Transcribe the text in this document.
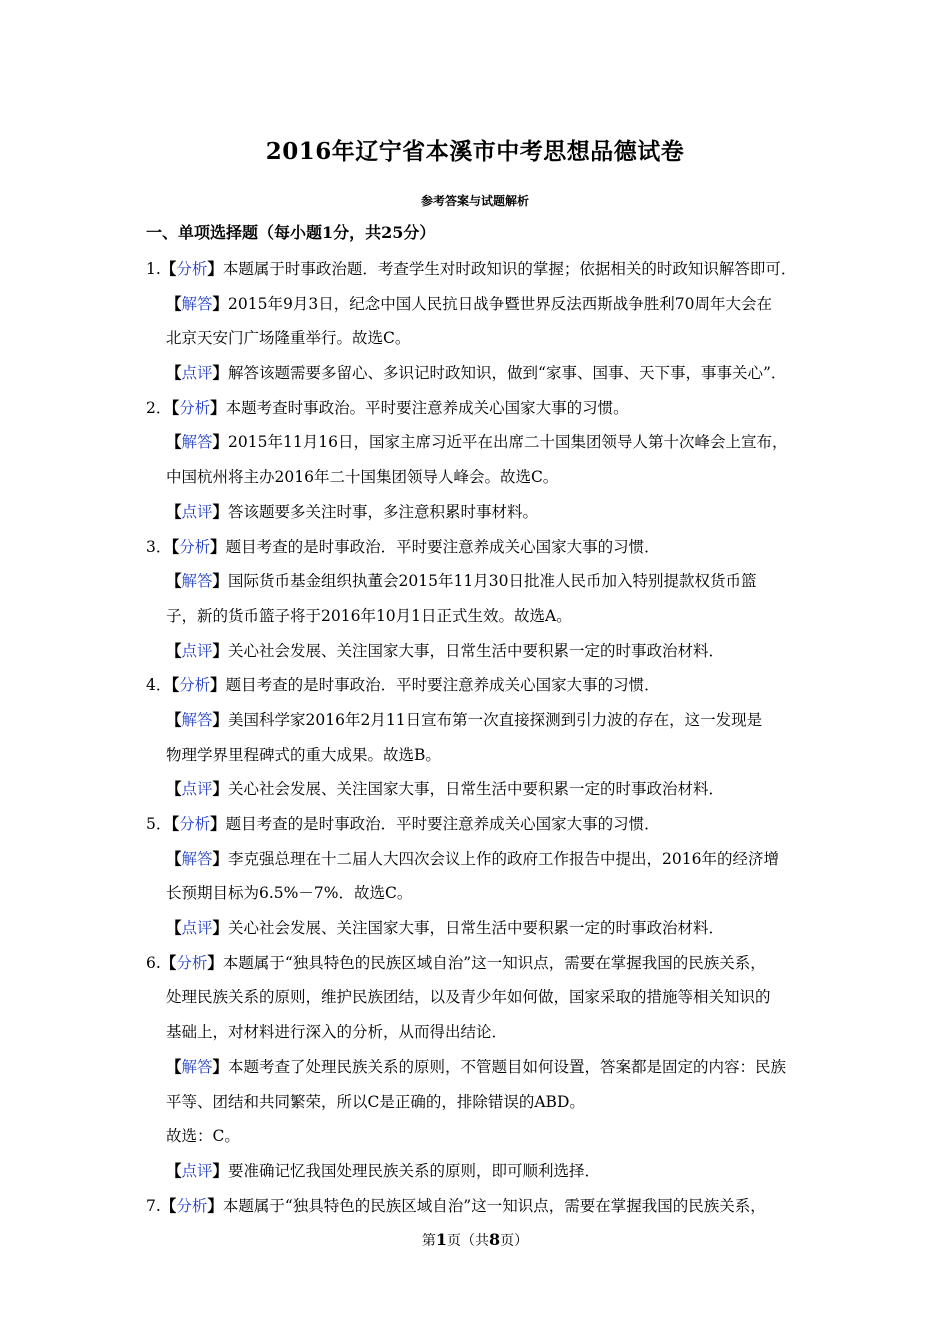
2016年辽宁省本溪市中考思想品德试卷
参考答案与试题解析
一、单项选择题（每小题1分，共25分）
1.【分析】本题属于时事政治题．考查学生对时政知识的掌握；依据相关的时政知识解答即可．
【解答】2015年9月3日，纪念中国人民抗日战争暨世界反法西斯战争胜利70周年大会在
北京天安门广场隆重举行。故选C。
【点评】解答该题需要多留心、多识记时政知识，做到“家事、国事、天下事，事事关心”．
2．【分析】本题考查时事政治。平时要注意养成关心国家大事的习惯。
【解答】2015年11月16日，国家主席习近平在出席二十国集团领导人第十次峰会上宣布，
中国杭州将主办2016年二十国集团领导人峰会。故选C。
【点评】答该题要多关注时事，多注意积累时事材料。
3．【分析】题目考查的是时事政治．平时要注意养成关心国家大事的习惯．
【解答】国际货币基金组织执董会2015年11月30日批准人民币加入特别提款权货币篮
子，新的货币篮子将于2016年10月1日正式生效。故选A。
【点评】关心社会发展、关注国家大事，日常生活中要积累一定的时事政治材料．
4．【分析】题目考查的是时事政治．平时要注意养成关心国家大事的习惯．
【解答】美国科学家2016年2月11日宣布第一次直接探测到引力波的存在，这一发现是
物理学界里程碑式的重大成果。故选B。
【点评】关心社会发展、关注国家大事，日常生活中要积累一定的时事政治材料．
5．【分析】题目考查的是时事政治．平时要注意养成关心国家大事的习惯．
【解答】李克强总理在十二届人大四次会议上作的政府工作报告中提出，2016年的经济增
长预期目标为6.5%－7%．故选C。
【点评】关心社会发展、关注国家大事，日常生活中要积累一定的时事政治材料．
6.【分析】本题属于“独具特色的民族区域自治”这一知识点，需要在掌握我国的民族关系，
处理民族关系的原则，维护民族团结，以及青少年如何做，国家采取的措施等相关知识的
基础上，对材料进行深入的分析，从而得出结论．
【解答】本题考查了处理民族关系的原则，不管题目如何设置，答案都是固定的内容：民族
平等、团结和共同繁荣，所以C是正确的，排除错误的ABD。
故选：C。
【点评】要准确记忆我国处理民族关系的原则，即可顺利选择．
7.【分析】本题属于“独具特色的民族区域自治”这一知识点，需要在掌握我国的民族关系，
第1页（共8页）
